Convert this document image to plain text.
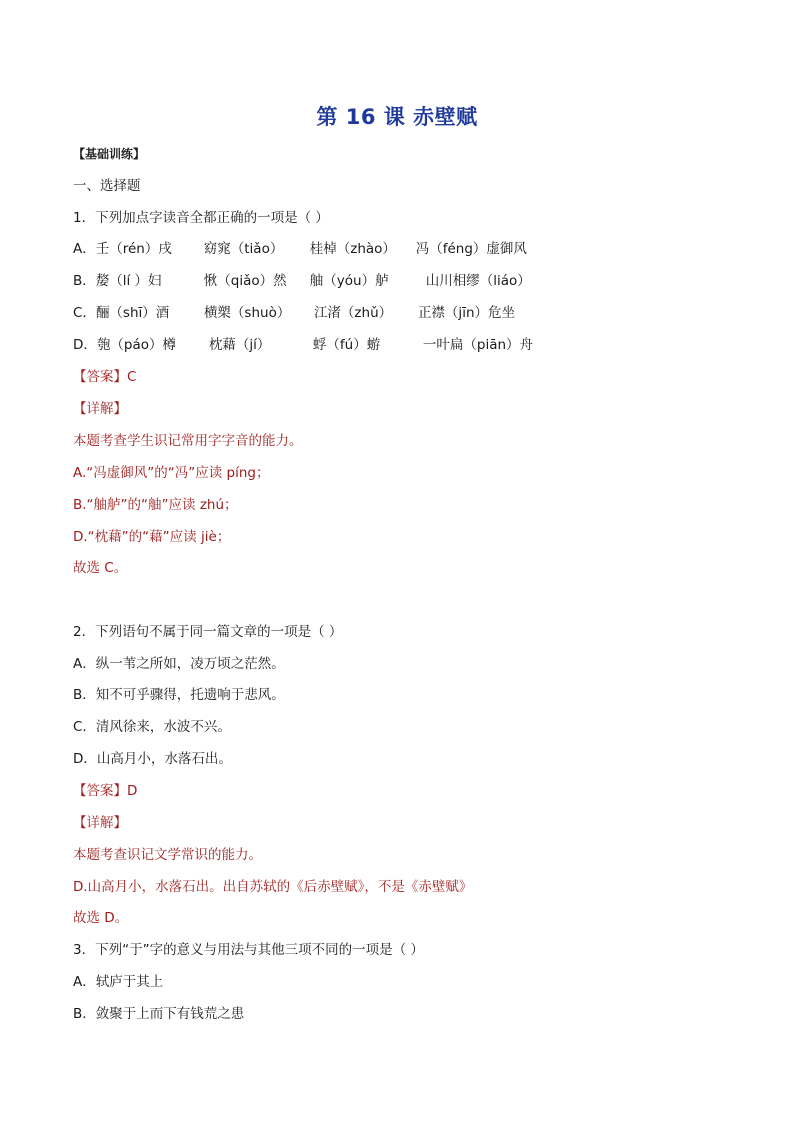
第 16 课 赤壁赋
【基础训练】
一、选择题
1．下列加点字读音全都正确的一项是（ ）
A．壬（rén）戌 窈窕（tiǎo） 桂棹（zhào） 冯（féng）虚御风
B．嫠（lí ）妇	愀（qiǎo）然 舳（yóu）舻	山川相缪（liáo）
C．酾（shī）酒	横槊（shuò） 江渚（zhǔ） 正襟（jīn）危坐
D．匏（páo）樽 枕藉（jí）	蜉（fú）蝣	一叶扁（piān）舟
【答案】C
【详解】
本题考查学生识记常用字字音的能力。
A.“冯虚御风”的“冯”应读 píng；
B.“舳舻”的“舳”应读 zhú；
D.“枕藉”的“藉”应读 jiè；
故选 C。
2．下列语句不属于同一篇文章的一项是（ ）
A．纵一苇之所如，凌万顷之茫然。
B．知不可乎骤得，托遗响于悲风。
C．清风徐来，水波不兴。
D．山高月小，水落石出。
【答案】D
【详解】
本题考查识记文学常识的能力。
D.山高月小，水落石出。出自苏轼的《后赤壁赋》，不是《赤壁赋》
故选 D。
3．下列“于”字的意义与用法与其他三项不同的一项是（ ）
A．轼庐于其上
B．敛聚于上而下有钱荒之患
